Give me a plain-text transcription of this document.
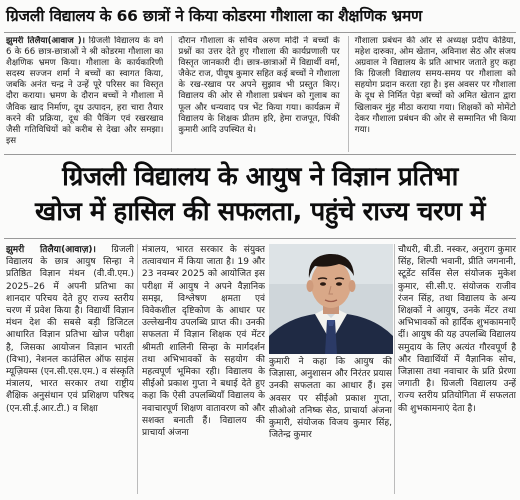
ग्रिजली विद्यालय के 66 छात्रों ने किया कोडरमा गौशाला का शैक्षणिक भ्रमण
झुमरी तिलैया(आवाज )। ग्रिजली विद्यालय के वर्ग 6 के 66 छात्र-छात्राओं ने श्री कोडरमा गौशाला का शैक्षणिक भ्रमण किया। गौशाला के कार्यकारिणी सदस्य सज्जन शर्मा ने बच्चों का स्वागत किया, जबकि अनंत चन्द्र ने उन्हें पूरे परिसर का विस्तृत दौरा कराया। भ्रमण के दौरान बच्चों ने गौशाला में जैविक खाद निर्माण, दूध उत्पादन, हरा चारा तैयार करने की प्रक्रिया, दूध की पैकिंग एवं रखरखाव जैसी गतिविधियों को करीब से देखा और समझा। इस
दौरान गौशाला के सचिव अरुण मोदी ने बच्चों के प्रश्नों का उत्तर देते हुए गौशाला की कार्यप्रणाली पर विस्तृत जानकारी दी। छात्र-छात्राओं में विद्यार्थी वर्मा, जैकेट राज, पीयूष कुमार सहित कई बच्चों ने गौशाला के रख-रखाव पर अपने सुझाव भी प्रस्तुत किए। विद्यालय की ओर से गौशाला प्रबंधन को गुलाब का फूल और धन्यवाद पत्र भेंट किया गया। कार्यक्रम में विद्यालय के शिक्षक प्रीतम हरि, हेमा राजपूत, पिंकी कुमारी आदि उपस्थित थे।
गौशाला प्रबंधन की ओर से अध्यक्ष प्रदीप केडिया, महेश दारुका, ओम खेतान, अविनाश सेठ और संजय अग्रवाल ने विद्यालय के प्रति आभार जताते हुए कहा कि ग्रिजली विद्यालय समय-समय पर गौशाला को सहयोग प्रदान करता रहा है। इस अवसर पर गौशाला के दूध से निर्मित पेड़ा बच्चों को अमित खेतान द्वारा खिलाकर मुंह मीठा कराया गया। शिक्षकों को मोमेंटो देकर गौशाला प्रबंधन की ओर से सम्मानित भी किया गया।
ग्रिजली विद्यालय के आयुष ने विज्ञान प्रतिभा
खोज में हासिल की सफलता, पहुंचे राज्य चरण में
झुमरी तिलैया(आवाज़)। ग्रिजली विद्यालय के छात्र आयुष सिन्हा ने प्रतिष्ठित विज्ञान मंथन (वी.वी.एम.) 2025–26 में अपनी प्रतिभा का शानदार परिचय देते हुए राज्य स्तरीय चरण में प्रवेश किया है। विद्यार्थी विज्ञान मंथन देश की सबसे बड़ी डिजिटल आधारित विज्ञान प्रतिभा खोज परीक्षा है, जिसका आयोजन विज्ञान भारती (विभा), नेशनल काउंसिल ऑफ साइंस म्यूज़ियम्स (एन.सी.एस.एम.) व संस्कृति मंत्रालय, भारत सरकार तथा राष्ट्रीय शैक्षिक अनुसंधान एवं प्रशिक्षण परिषद (एन.सी.ई.आर.टी.) व शिक्षा
मंत्रालय, भारत सरकार के संयुक्त तत्वावधान में किया जाता है। 19 और 23 नवम्बर 2025 को आयोजित इस परीक्षा में आयुष ने अपने वैज्ञानिक समझ, विश्लेषण क्षमता एवं विवेकशील दृष्टिकोण के आधार पर उल्लेखनीय उपलब्धि प्राप्त की। उनकी सफलता में विज्ञान शिक्षक एवं मेंटर श्रीमती शालिनी सिन्हा के मार्गदर्शन तथा अभिभावकों के सहयोग की महत्वपूर्ण भूमिका रही। विद्यालय के सीईओ प्रकाश गुप्ता ने बधाई देते हुए कहा कि ऐसी उपलब्धियाँ विद्यालय के नवाचारपूर्ण शिक्षण वातावरण को और सशक्त बनाती हैं। विद्यालय की प्राचार्या अंजना
कुमारी ने कहा कि आयुष की जिज्ञासा, अनुशासन और निरंतर प्रयास उनकी सफलता का आधार हैं। इस अवसर पर सीईओ प्रकाश गुप्ता, सीओओ तनिष्क सेठ, प्राचार्या अंजना कुमारी, संयोजक विजय कुमार सिंह, जितेन्द्र कुमार
चौधरी, बी.डी. नस्कर, अनुराग कुमार सिंह, शिल्पी भवानी, प्रीति जगनानी, स्टूडेंट सर्विस सेल संयोजक मुकेश कुमार, सी.सी.ए. संयोजक राजीव रंजन सिंह, तथा विद्यालय के अन्य शिक्षकों ने आयुष, उनके मेंटर तथा अभिभावकों को हार्दिक शुभकामनाएँ दीं। आयुष की यह उपलब्धि विद्यालय समुदाय के लिए अत्यंत गौरवपूर्ण है और विद्यार्थियों में वैज्ञानिक सोच, जिज्ञासा तथा नवाचार के प्रति प्रेरणा जगाती है। ग्रिजली विद्यालय उन्हें राज्य स्तरीय प्रतियोगिता में सफलता की शुभकामनाएं देता है।
